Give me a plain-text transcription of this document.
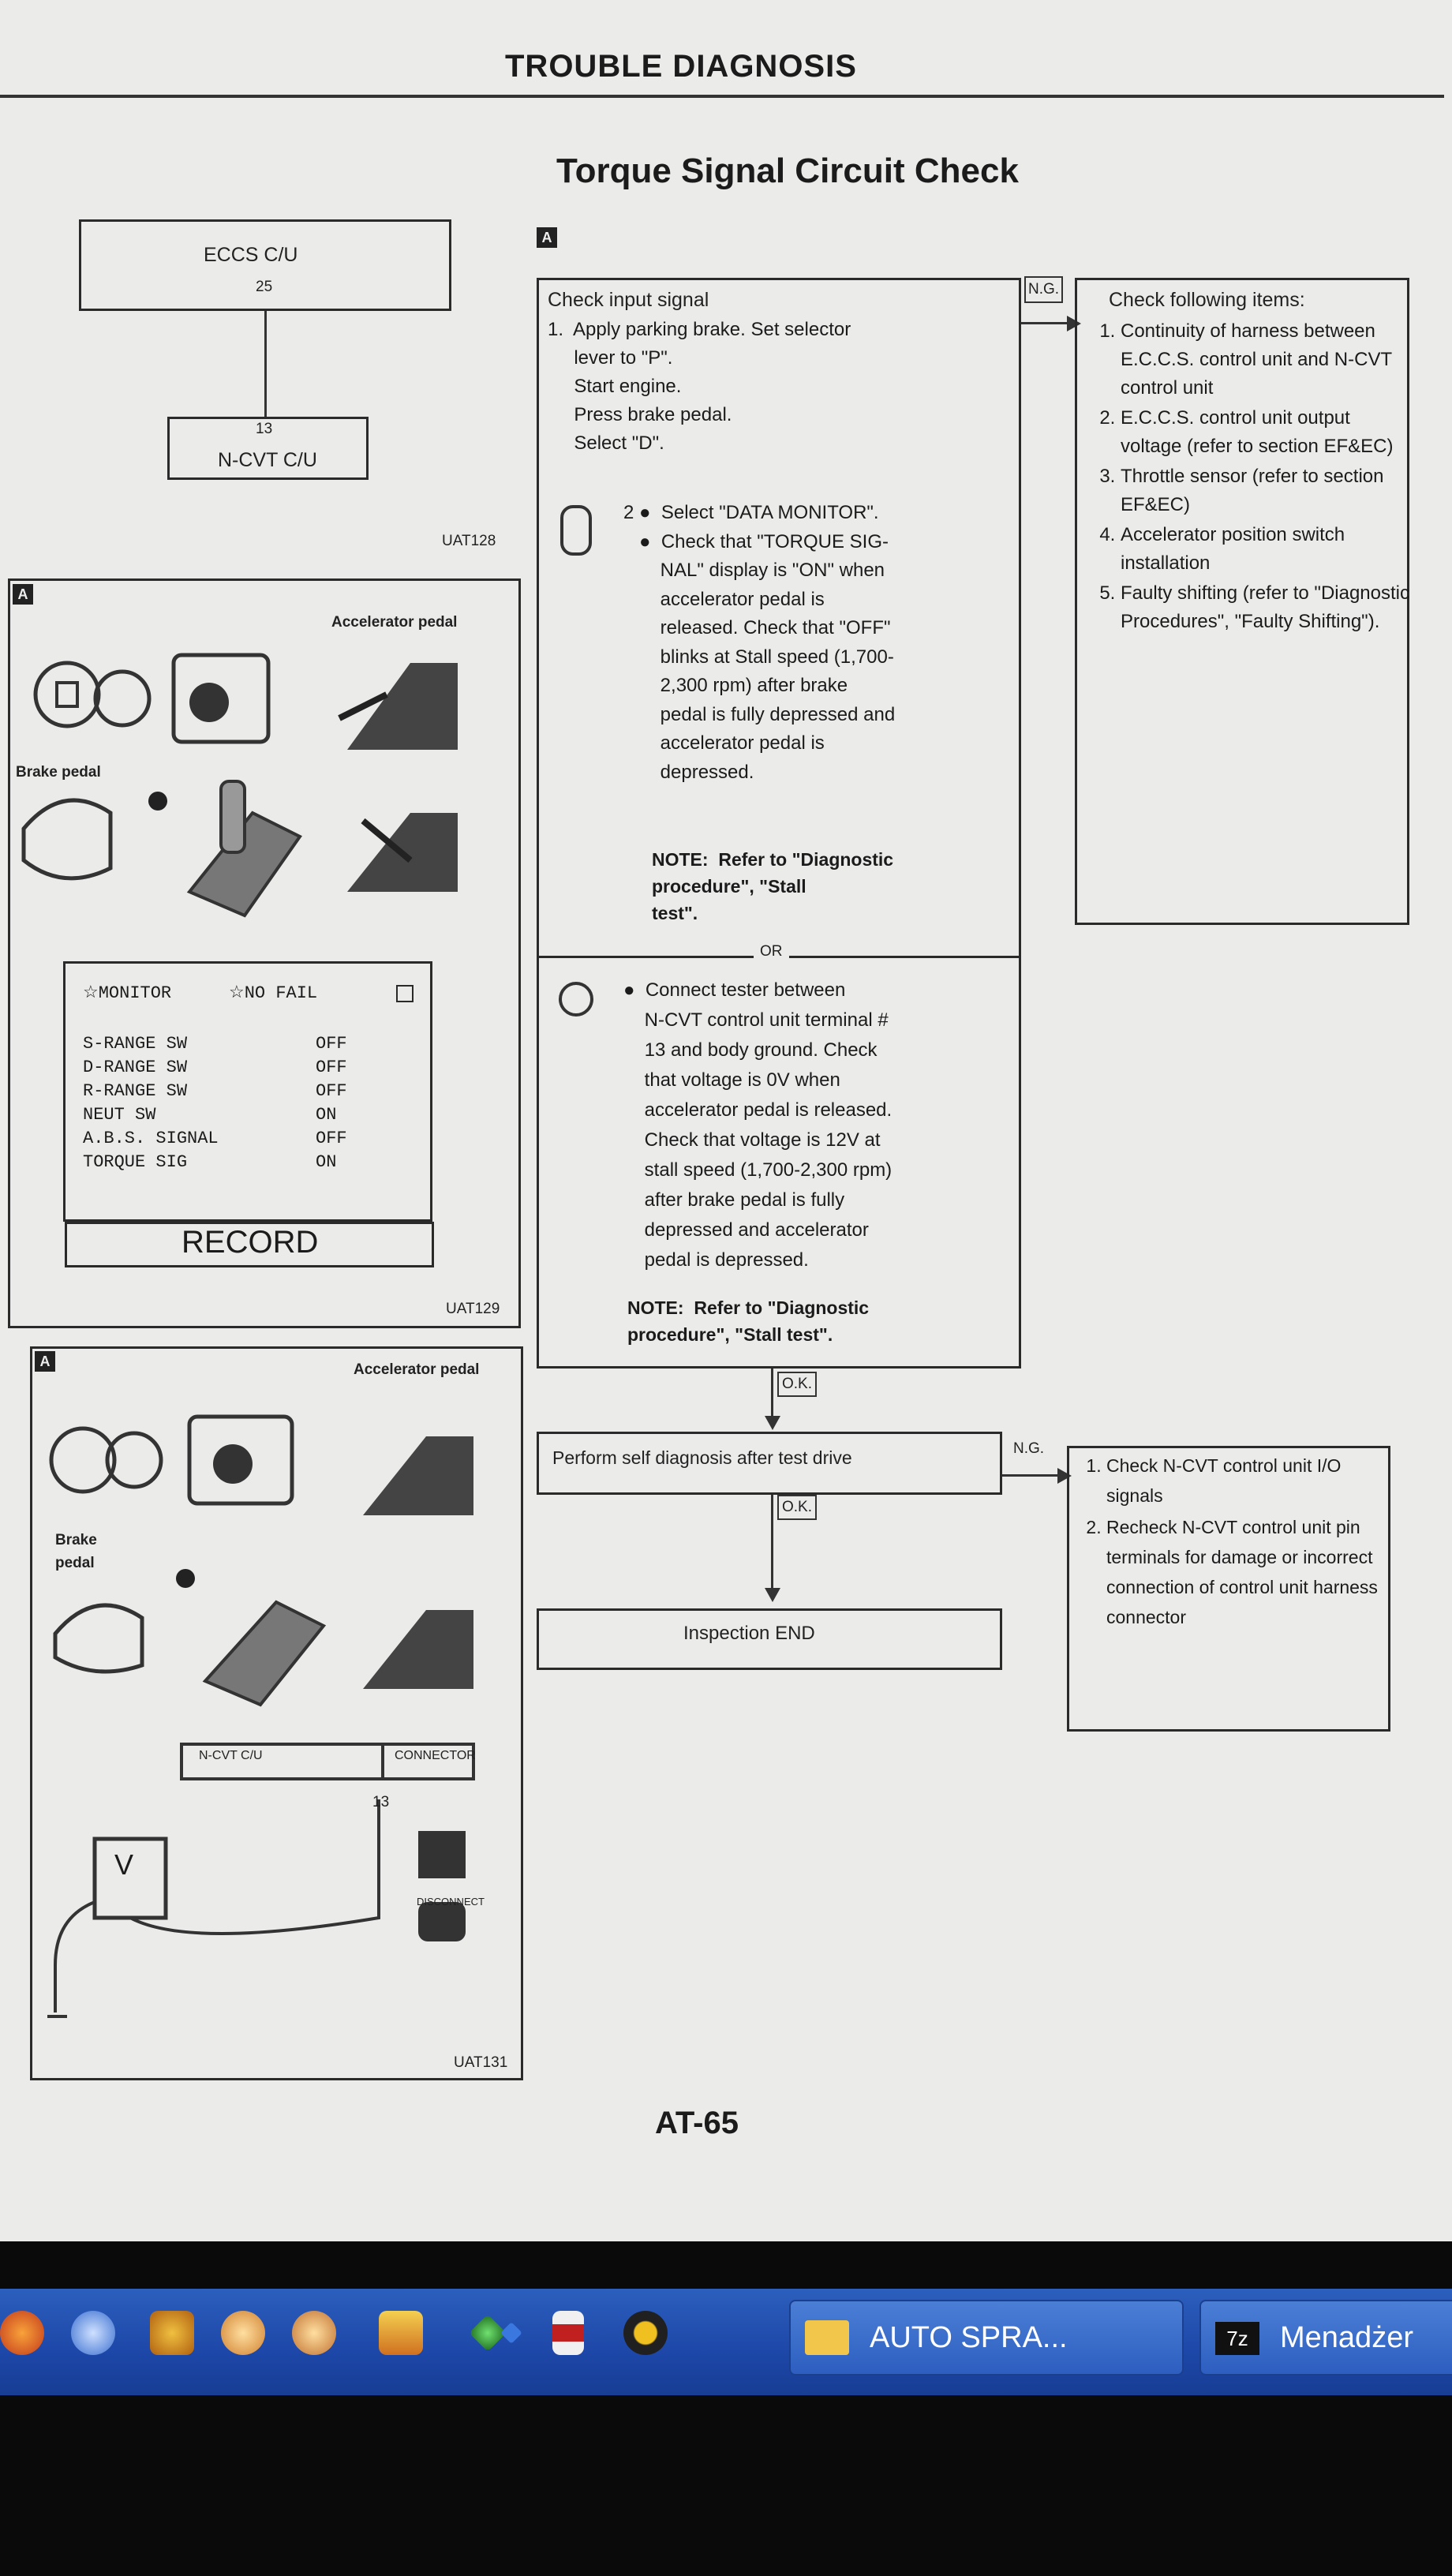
TROUBLE DIAGNOSIS
Torque Signal Circuit Check
ECCS C/U
25
13
N-CVT C/U
UAT128
A
Accelerator pedal
Brake pedal
☆MONITOR	☆NO FAIL
S-RANGE SW	OFF
D-RANGE SW	OFF
R-RANGE SW	OFF
NEUT SW	ON
A.B.S. SIGNAL	OFF
TORQUE SIG	ON
RECORD
UAT129
A	Accelerator pedal
Brake pedal
N-CVT C/U	CONNECTOR
13
V
DISCONNECT
UAT131
A
Check input signal
1.  Apply parking brake. Set selector
lever to "P".
Start engine.
Press brake pedal.
Select "D".
2 ●  Select "DATA MONITOR".
●  Check that "TORQUE SIG-
NAL" display is "ON" when
accelerator pedal is
released. Check that "OFF"
blinks at Stall speed (1,700-
2,300 rpm) after brake
pedal is fully depressed and
accelerator pedal is
depressed.
NOTE:  Refer to "Diagnostic
procedure", "Stall
test".
OR
●  Connect tester between
N-CVT control unit terminal #
13 and body ground. Check
that voltage is 0V when
accelerator pedal is released.
Check that voltage is 12V at
stall speed (1,700-2,300 rpm)
after brake pedal is fully
depressed and accelerator
pedal is depressed.
NOTE:  Refer to "Diagnostic
procedure", "Stall test".
N.G.	Check following items:
1. Continuity of harness between E.C.C.S. control unit and N-CVT control unit
2. E.C.C.S. control unit output voltage (refer to section EF&EC)
3. Throttle sensor (refer to section EF&EC)
4. Accelerator position switch installation
5. Faulty shifting (refer to "Diagnostic Procedures", "Faulty Shifting").
O.K.
Perform self diagnosis after test drive	N.G.
1. Check N-CVT control unit I/O signals
2. Recheck N-CVT control unit pin terminals for damage or incorrect connection of control unit harness connector
O.K.
Inspection END
AT-65
AUTO SPRA...	7z	Menadżer
